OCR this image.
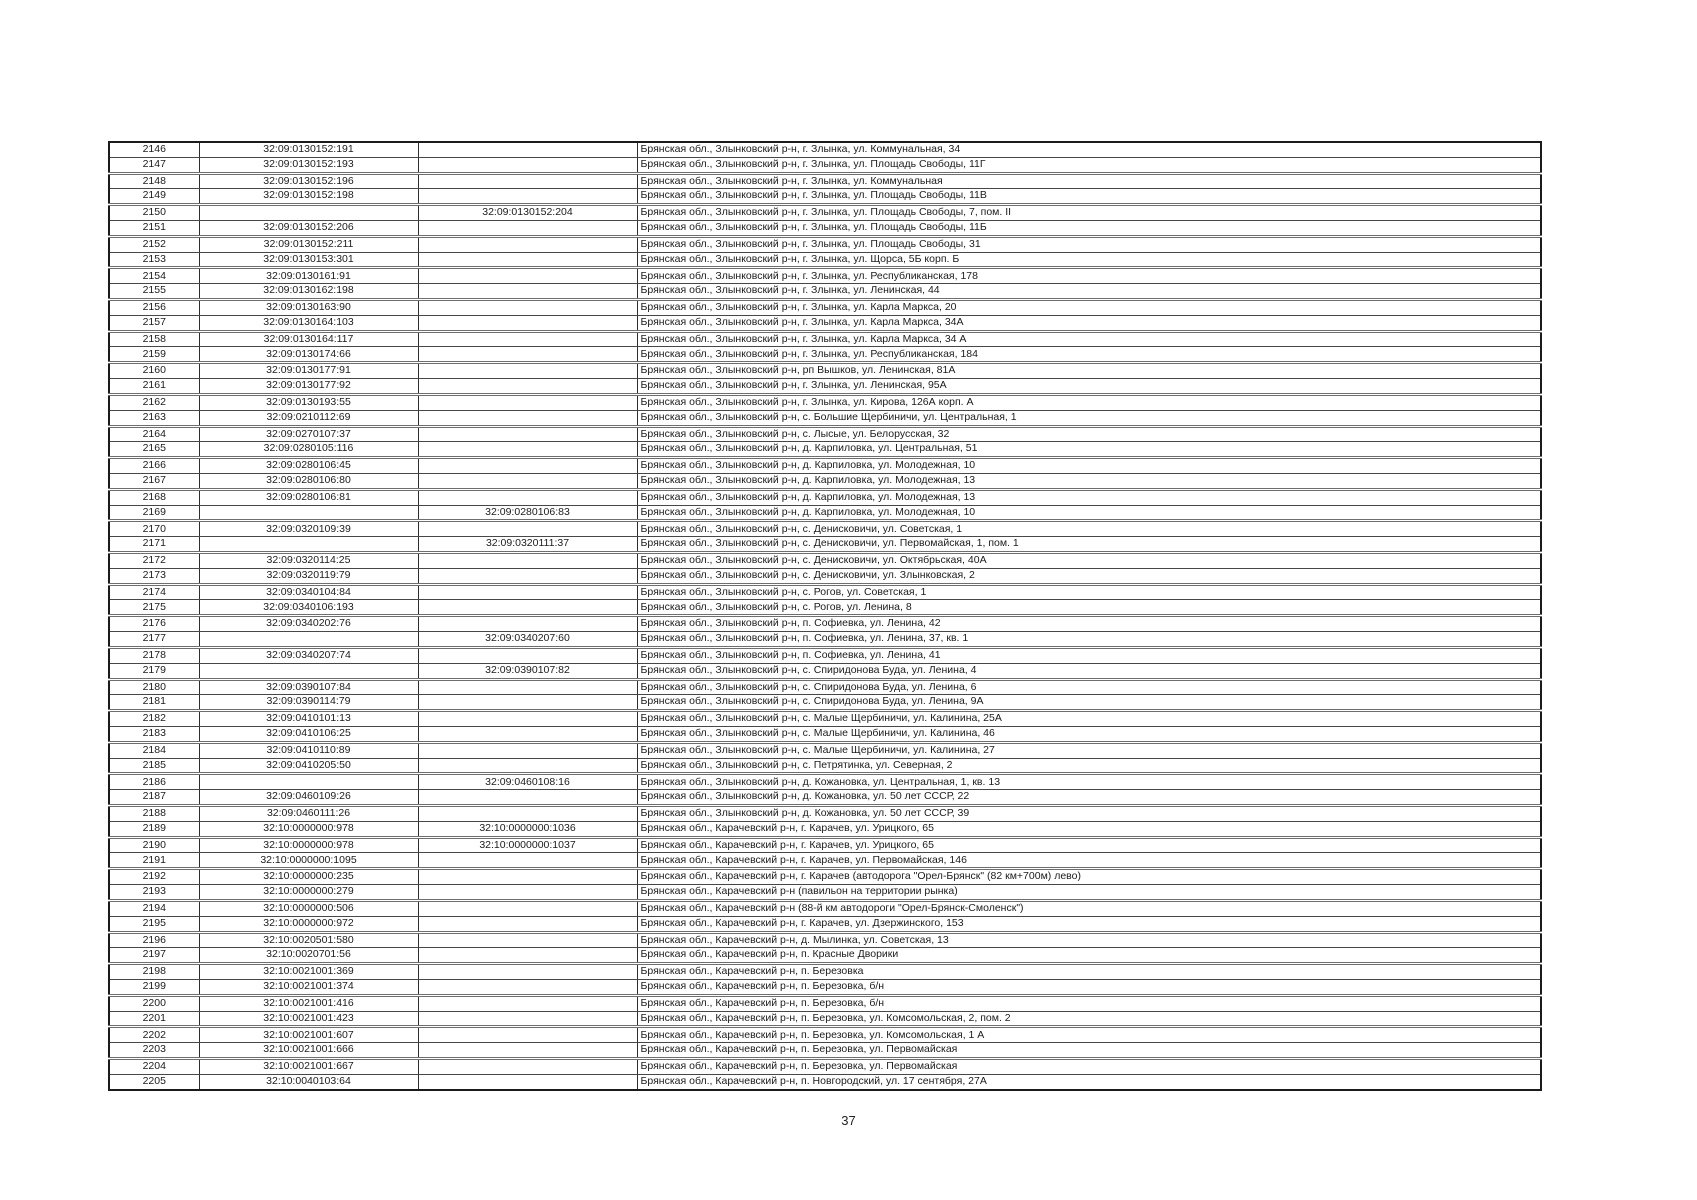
2146	32:09:0130152:191		Брянская обл., Злынковский р-н, г. Злынка, ул. Коммунальная, 34
2147	32:09:0130152:193		Брянская обл., Злынковский р-н, г. Злынка, ул. Площадь Свободы, 11Г
2148	32:09:0130152:196		Брянская обл., Злынковский р-н, г. Злынка, ул. Коммунальная
2149	32:09:0130152:198		Брянская обл., Злынковский р-н, г. Злынка, ул. Площадь Свободы, 11В
2150		32:09:0130152:204	Брянская обл., Злынковский р-н, г. Злынка, ул. Площадь Свободы, 7, пом. II
2151	32:09:0130152:206		Брянская обл., Злынковский р-н, г. Злынка, ул. Площадь Свободы, 11Б
2152	32:09:0130152:211		Брянская обл., Злынковский р-н, г. Злынка, ул. Площадь Свободы, 31
2153	32:09:0130153:301		Брянская обл., Злынковский р-н, г. Злынка, ул. Щорса, 5Б корп. Б
2154	32:09:0130161:91		Брянская обл., Злынковский р-н, г. Злынка, ул. Республиканская, 178
2155	32:09:0130162:198		Брянская обл., Злынковский р-н, г. Злынка, ул. Ленинская, 44
2156	32:09:0130163:90		Брянская обл., Злынковский р-н, г. Злынка, ул. Карла Маркса, 20
2157	32:09:0130164:103		Брянская обл., Злынковский р-н, г. Злынка, ул. Карла Маркса, 34А
2158	32:09:0130164:117		Брянская обл., Злынковский р-н, г. Злынка, ул. Карла Маркса, 34 А
2159	32:09:0130174:66		Брянская обл., Злынковский р-н, г. Злынка, ул. Республиканская, 184
2160	32:09:0130177:91		Брянская обл., Злынковский р-н, рп Вышков, ул. Ленинская, 81А
2161	32:09:0130177:92		Брянская обл., Злынковский р-н, г. Злынка, ул. Ленинская, 95А
2162	32:09:0130193:55		Брянская обл., Злынковский р-н, г. Злынка, ул. Кирова, 126А корп. А
2163	32:09:0210112:69		Брянская обл., Злынковский р-н, с. Большие Щербиничи, ул. Центральная, 1
2164	32:09:0270107:37		Брянская обл., Злынковский р-н, с. Лысые, ул. Белорусская, 32
2165	32:09:0280105:116		Брянская обл., Злынковский р-н, д. Карпиловка, ул. Центральная, 51
2166	32:09:0280106:45		Брянская обл., Злынковский р-н, д. Карпиловка, ул. Молодежная, 10
2167	32:09:0280106:80		Брянская обл., Злынковский р-н, д. Карпиловка, ул. Молодежная, 13
2168	32:09:0280106:81		Брянская обл., Злынковский р-н, д. Карпиловка, ул. Молодежная, 13
2169		32:09:0280106:83	Брянская обл., Злынковский р-н, д. Карпиловка, ул. Молодежная, 10
2170	32:09:0320109:39		Брянская обл., Злынковский р-н, с. Денисковичи, ул. Советская, 1
2171		32:09:0320111:37	Брянская обл., Злынковский р-н, с. Денисковичи, ул. Первомайская, 1, пом. 1
2172	32:09:0320114:25		Брянская обл., Злынковский р-н, с. Денисковичи, ул. Октябрьская, 40А
2173	32:09:0320119:79		Брянская обл., Злынковский р-н, с. Денисковичи, ул. Злынковская, 2
2174	32:09:0340104:84		Брянская обл., Злынковский р-н, с. Рогов, ул. Советская, 1
2175	32:09:0340106:193		Брянская обл., Злынковский р-н, с. Рогов, ул. Ленина, 8
2176	32:09:0340202:76		Брянская обл., Злынковский р-н, п. Софиевка, ул. Ленина, 42
2177		32:09:0340207:60	Брянская обл., Злынковский р-н, п. Софиевка, ул. Ленина, 37, кв. 1
2178	32:09:0340207:74		Брянская обл., Злынковский р-н, п. Софиевка, ул. Ленина, 41
2179		32:09:0390107:82	Брянская обл., Злынковский р-н, с. Спиридонова Буда, ул. Ленина, 4
2180	32:09:0390107:84		Брянская обл., Злынковский р-н, с. Спиридонова Буда, ул. Ленина, 6
2181	32:09:0390114:79		Брянская обл., Злынковский р-н, с. Спиридонова Буда, ул. Ленина, 9А
2182	32:09:0410101:13		Брянская обл., Злынковский р-н, с. Малые Щербиничи, ул. Калинина, 25А
2183	32:09:0410106:25		Брянская обл., Злынковский р-н, с. Малые Щербиничи, ул. Калинина, 46
2184	32:09:0410110:89		Брянская обл., Злынковский р-н, с. Малые Щербиничи, ул. Калинина, 27
2185	32:09:0410205:50		Брянская обл., Злынковский р-н, с. Петрятинка, ул. Северная, 2
2186		32:09:0460108:16	Брянская обл., Злынковский р-н, д. Кожановка, ул. Центральная, 1, кв. 13
2187	32:09:0460109:26		Брянская обл., Злынковский р-н, д. Кожановка, ул. 50 лет СССР, 22
2188	32:09:0460111:26		Брянская обл., Злынковский р-н, д. Кожановка, ул. 50 лет СССР, 39
2189	32:10:0000000:978	32:10:0000000:1036	Брянская обл., Карачевский р-н, г. Карачев, ул. Урицкого, 65
2190	32:10:0000000:978	32:10:0000000:1037	Брянская обл., Карачевский р-н, г. Карачев, ул. Урицкого, 65
2191	32:10:0000000:1095		Брянская обл., Карачевский р-н, г. Карачев, ул. Первомайская, 146
2192	32:10:0000000:235		Брянская обл., Карачевский р-н, г. Карачев (автодорога "Орел-Брянск" (82 км+700м) лево)
2193	32:10:0000000:279		Брянская обл., Карачевский р-н (павильон на территории рынка)
2194	32:10:0000000:506		Брянская обл., Карачевский р-н (88-й км автодороги "Орел-Брянск-Смоленск")
2195	32:10:0000000:972		Брянская обл., Карачевский р-н, г. Карачев, ул. Дзержинского, 153
2196	32:10:0020501:580		Брянская обл., Карачевский р-н, д. Мылинка, ул. Советская, 13
2197	32:10:0020701:56		Брянская обл., Карачевский р-н, п. Красные Дворики
2198	32:10:0021001:369		Брянская обл., Карачевский р-н, п. Березовка
2199	32:10:0021001:374		Брянская обл., Карачевский р-н, п. Березовка, б/н
2200	32:10:0021001:416		Брянская обл., Карачевский р-н, п. Березовка, б/н
2201	32:10:0021001:423		Брянская обл., Карачевский р-н, п. Березовка, ул. Комсомольская, 2, пом. 2
2202	32:10:0021001:607		Брянская обл., Карачевский р-н, п. Березовка, ул. Комсомольская, 1 А
2203	32:10:0021001:666		Брянская обл., Карачевский р-н, п. Березовка, ул. Первомайская
2204	32:10:0021001:667		Брянская обл., Карачевский р-н, п. Березовка, ул. Первомайская
2205	32:10:0040103:64		Брянская обл., Карачевский р-н, п. Новгородский, ул. 17 сентября, 27А
37
